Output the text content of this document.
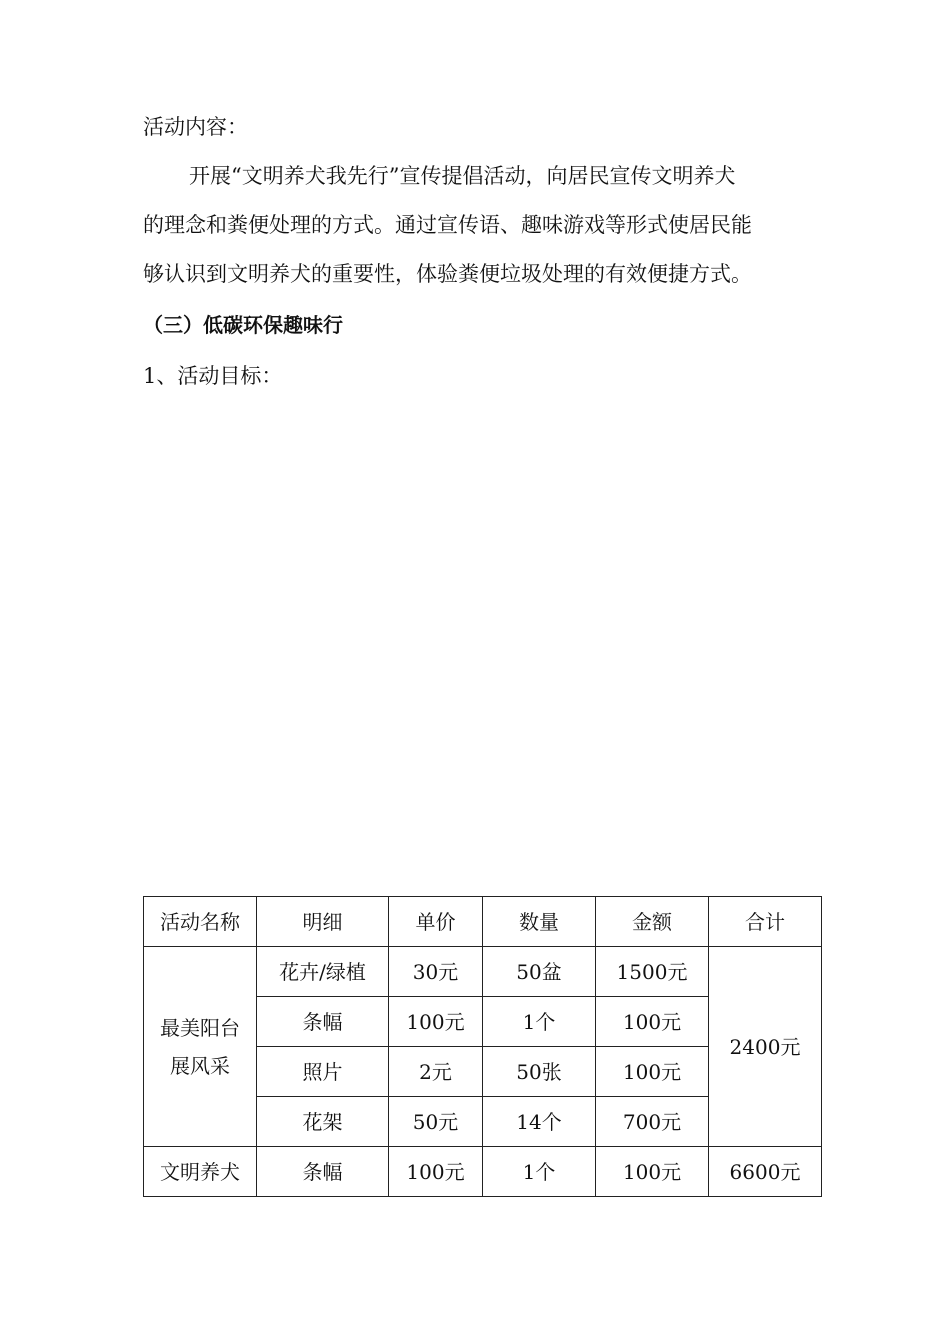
活动内容：
开展“文明养犬我先行”宣传提倡活动，向居民宣传文明养犬
的理念和粪便处理的方式。通过宣传语、趣味游戏等形式使居民能
够认识到文明养犬的重要性，体验粪便垃圾处理的有效便捷方式。
（三）低碳环保趣味行
1、活动目标：
活动名称	明细	单价	数量	金额	合计

最美阳台
展风采	花卉/绿植	30元	50盆	1500元	2400元
	条幅	100元	1个	100元	
	照片	2元	50张	100元	
	花架	50元	14个	700元	
文明养犬	条幅	100元	1个	100元	6600元
